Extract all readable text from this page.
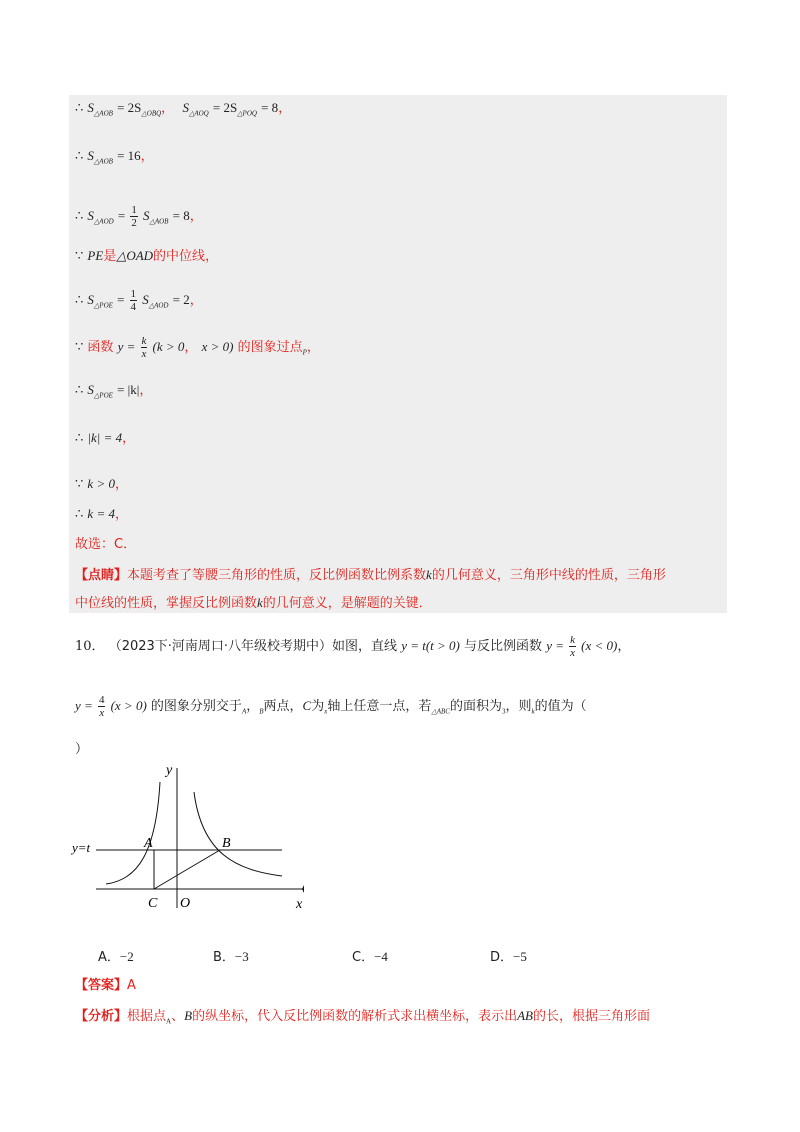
∴ $S_{\triangle AOB} = 2S_{\triangle OBQ}$， $S_{\triangle AOQ} = 2S_{\triangle POQ} = 8$，
∴ $S_{\triangle AOB} = 16$，
∴ $S_{\triangle AOD} = \frac{1}{2} S_{\triangle AOB} = 8$，
∵ PE是△OAD的中位线，
∴ $S_{\triangle POE} = \frac{1}{4} S_{\triangle AOD} = 2$，
∵ 函数 $y = \frac{k}{x} (k > 0$， x > 0) 的图象过点$_P$，
∴ $S_{\triangle POE} = |k|$，
∴ |k| = 4，
∵ k > 0，
∴ k = 4，
故选：C．
【点睛】本题考查了等腰三角形的性质，反比例函数比例系数k的几何意义，三角形中线的性质，三角形
中位线的性质，掌握反比例函数k的几何意义，是解题的关键．
10． （2023下·河南周口·八年级校考期中）如图，直线 y = t(t > 0) 与反比例函数 $y = \frac{k}{x} (x < 0)$，
$y = \frac{4}{x} (x > 0)$ 的图象分别交于$_A$，$_B$两点，C为$_x$轴上任意一点，若$_{\triangle ABC}$的面积为$_3$，则$_k$的值为（
）
y
x
y=t	A	B
C O
A．−2	B．−3	C．−4	D．−5
【答案】A
【分析】根据点$_A$、B的纵坐标，代入反比例函数的解析式求出横坐标，表示出AB的长，根据三角形面
